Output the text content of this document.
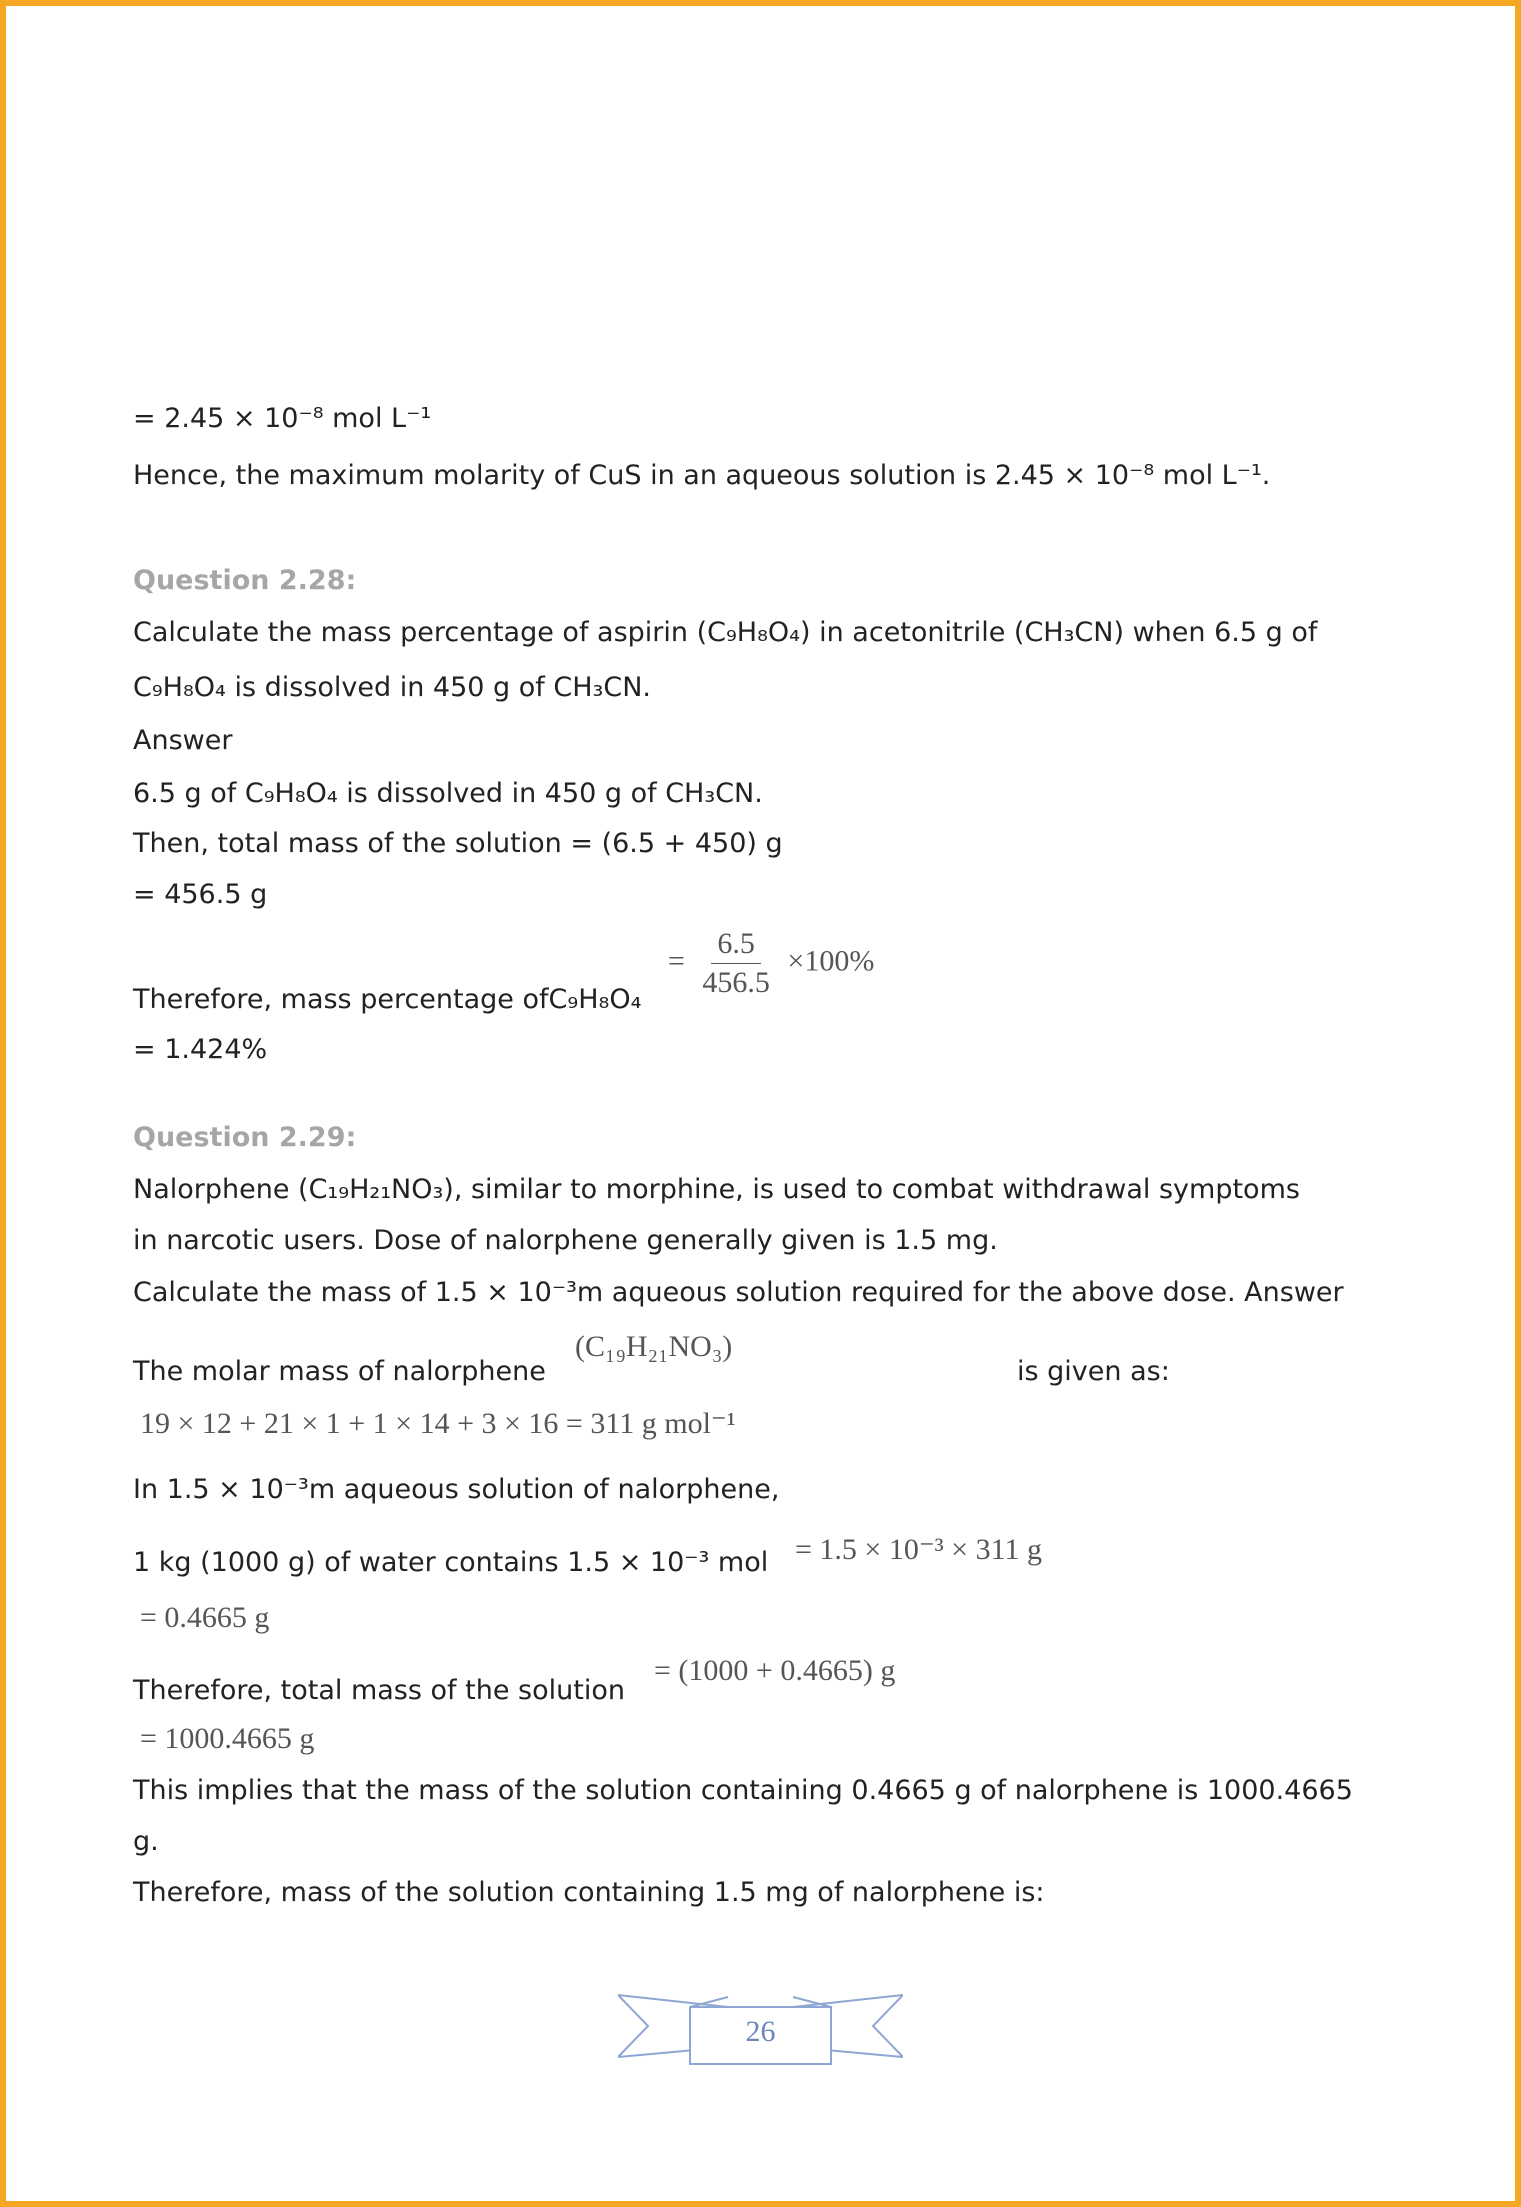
= 2.45 × 10⁻⁸ mol L⁻¹
Hence, the maximum molarity of CuS in an aqueous solution is 2.45 × 10⁻⁸ mol L⁻¹.
Question 2.28:
Calculate the mass percentage of aspirin (C₉H₈O₄) in acetonitrile (CH₃CN) when 6.5 g of
C₉H₈O₄ is dissolved in 450 g of CH₃CN.
Answer
6.5 g of C₉H₈O₄ is dissolved in 450 g of CH₃CN.
Then, total mass of the solution = (6.5 + 450) g
= 456.5 g
Therefore, mass percentage ofC₉H₈O₄
= $\frac{6.5}{456.5} \times 100\%$
= 1.424%
Question 2.29:
Nalorphene (C₁₉H₂₁NO₃), similar to morphine, is used to combat withdrawal symptoms
in narcotic users. Dose of nalorphene generally given is 1.5 mg.
Calculate the mass of 1.5 × 10⁻³m aqueous solution required for the above dose. Answer
The molar mass of nalorphene
(C₁₉H₂₁NO₃)
is given as:
19 × 12 + 21 × 1 + 1 × 14 + 3 × 16 = 311 g mol⁻¹
In 1.5 × 10⁻³m aqueous solution of nalorphene,
1 kg (1000 g) of water contains 1.5 × 10⁻³ mol = 1.5 × 10⁻³ × 311 g
= 0.4665 g
Therefore, total mass of the solution
= (1000 + 0.4665) g
= 1000.4665 g
This implies that the mass of the solution containing 0.4665 g of nalorphene is 1000.4665
g.
Therefore, mass of the solution containing 1.5 mg of nalorphene is:
26
